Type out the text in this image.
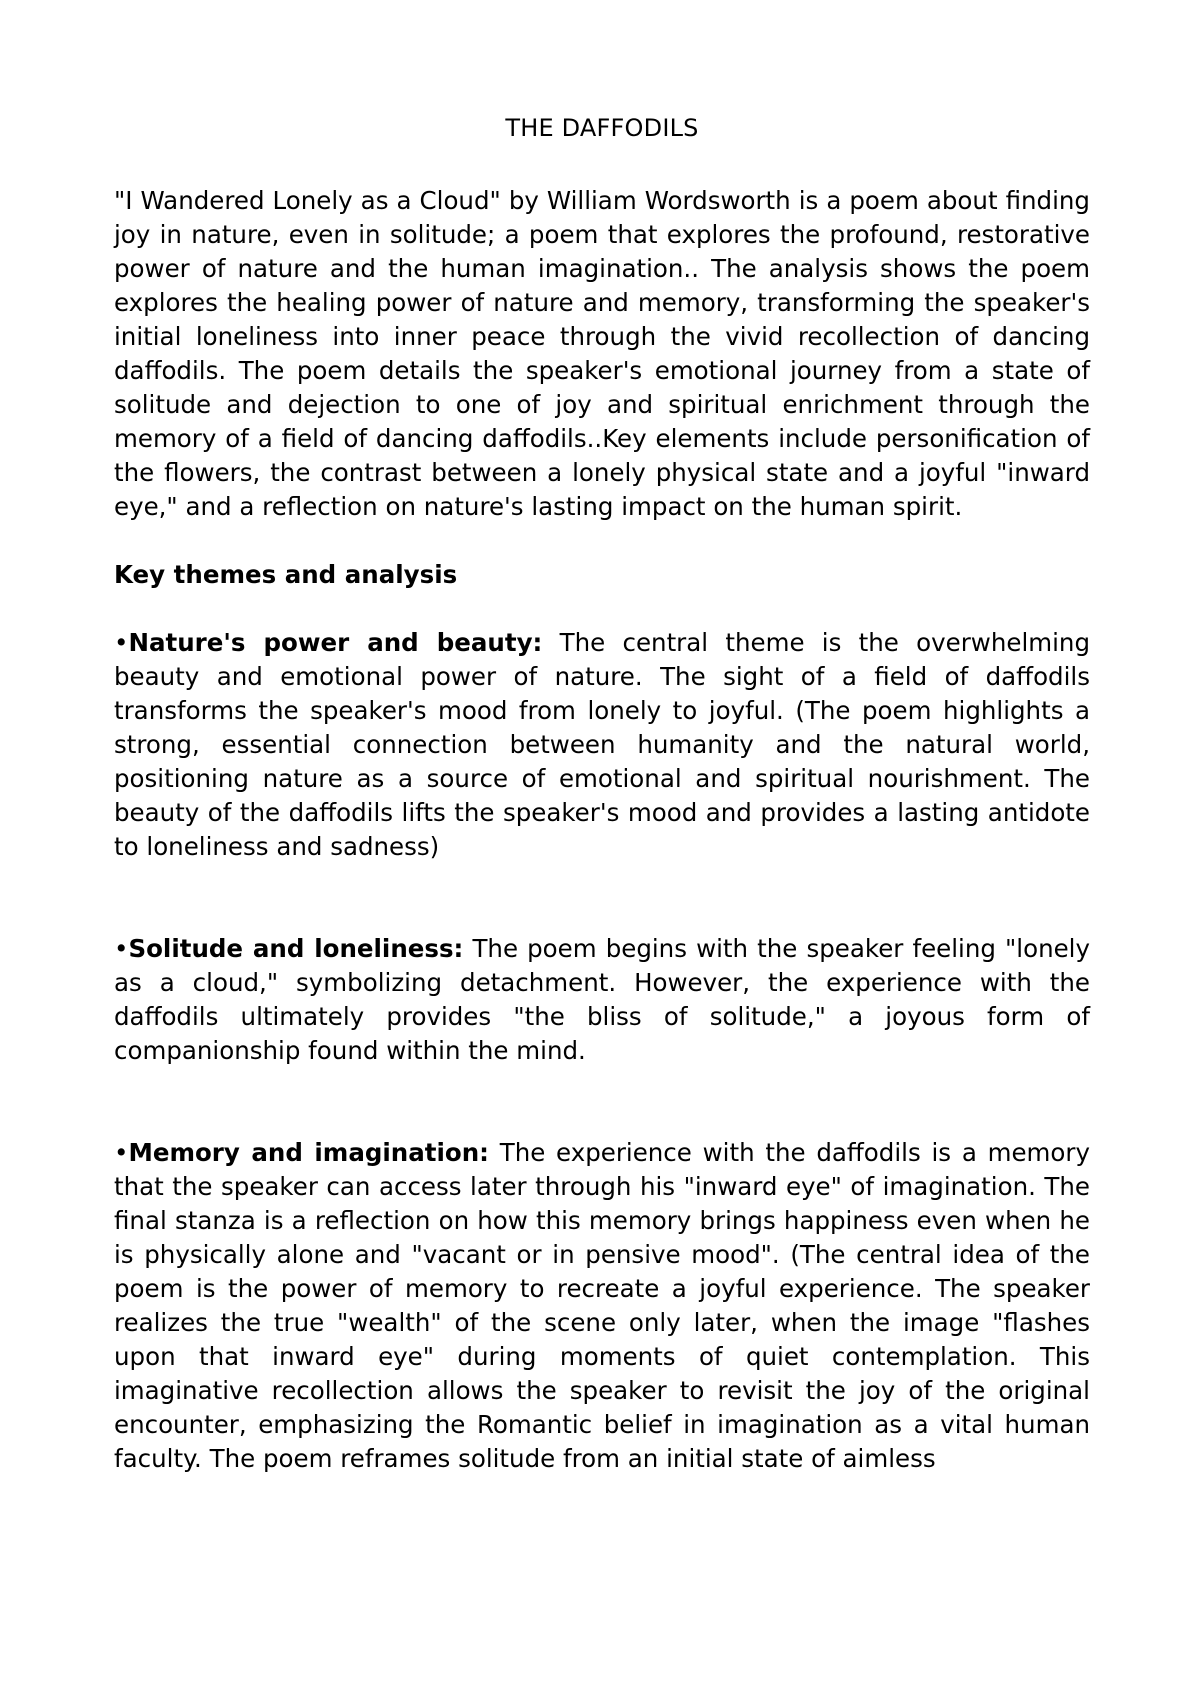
THE DAFFODILS

"I Wandered Lonely as a Cloud" by William Wordsworth is a poem about finding joy in nature, even in solitude; a poem that explores the profound, restorative power of nature and the human imagination.. The analysis shows the poem explores the healing power of nature and memory, transforming the speaker's initial loneliness into inner peace through the vivid recollection of dancing daffodils. The poem details the speaker's emotional journey from a state of solitude and dejection to one of joy and spiritual enrichment through the memory of a field of dancing daffodils..Key elements include personification of the flowers, the contrast between a lonely physical state and a joyful "inward eye," and a reflection on nature's lasting impact on the human spirit.

Key themes and analysis

•Nature's power and beauty: The central theme is the overwhelming beauty and emotional power of nature. The sight of a field of daffodils transforms the speaker's mood from lonely to joyful. (The poem highlights a strong, essential connection between humanity and the natural world, positioning nature as a source of emotional and spiritual nourishment. The beauty of the daffodils lifts the speaker's mood and provides a lasting antidote to loneliness and sadness)

•Solitude and loneliness: The poem begins with the speaker feeling "lonely as a cloud," symbolizing detachment. However, the experience with the daffodils ultimately provides "the bliss of solitude," a joyous form of companionship found within the mind.

•Memory and imagination: The experience with the daffodils is a memory that the speaker can access later through his "inward eye" of imagination. The final stanza is a reflection on how this memory brings happiness even when he is physically alone and "vacant or in pensive mood". (The central idea of the poem is the power of memory to recreate a joyful experience. The speaker realizes the true "wealth" of the scene only later, when the image "flashes upon that inward eye" during moments of quiet contemplation. This imaginative recollection allows the speaker to revisit the joy of the original encounter, emphasizing the Romantic belief in imagination as a vital human faculty. The poem reframes solitude from an initial state of aimless
